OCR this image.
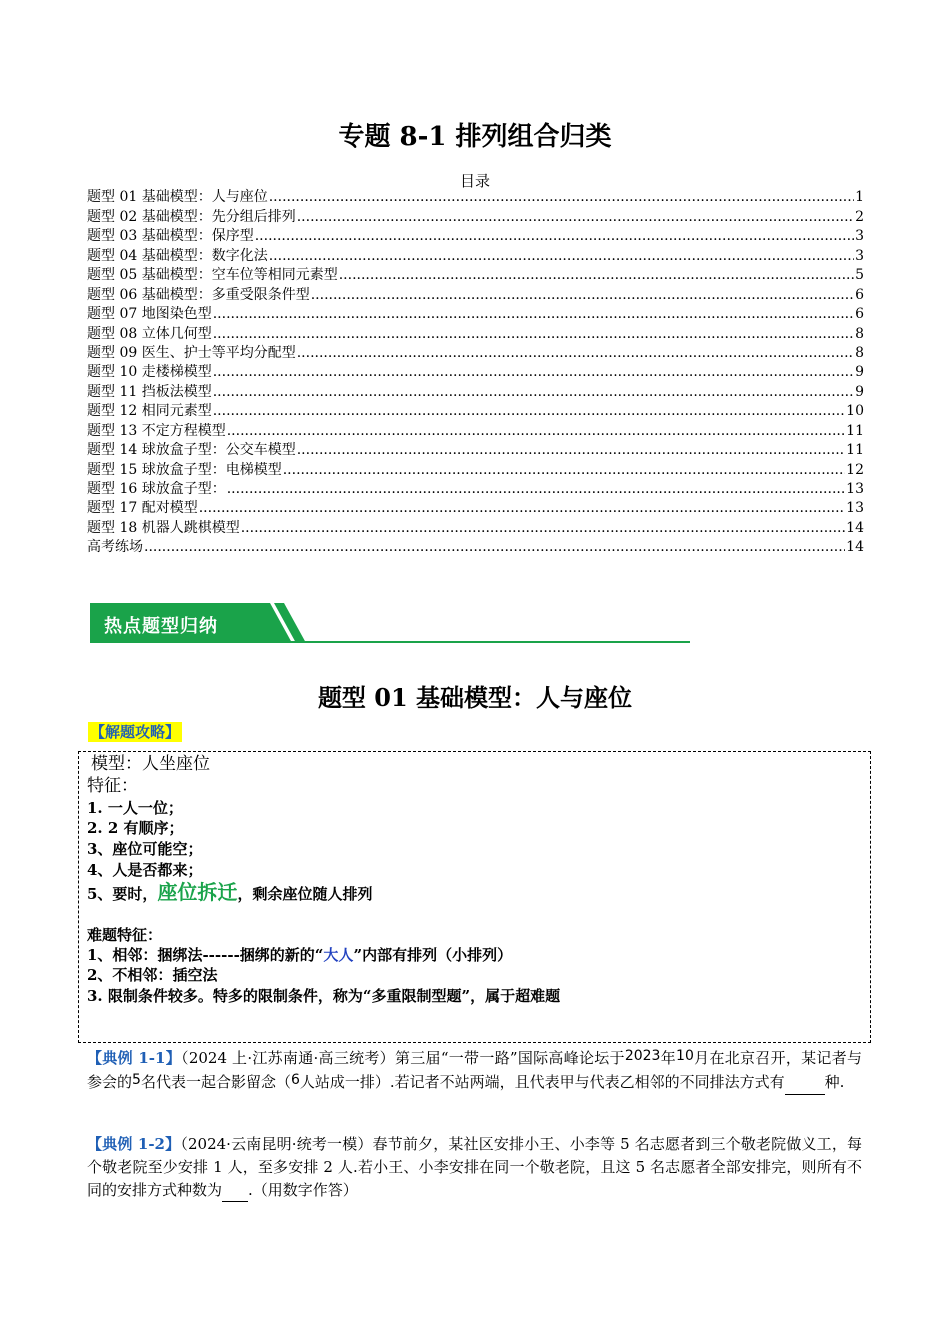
专题 8-1 排列组合归类
目录
题型 01 基础模型：人与座位 .....	1
题型 02 基础模型：先分组后排列 .....	2
题型 03 基础模型：保序型 .....	3
题型 04 基础模型：数字化法 .....	3
题型 05 基础模型：空车位等相同元素型 .....	5
题型 06 基础模型：多重受限条件型 .....	6
题型 07 地图染色型 .....	6
题型 08 立体几何型 .....	8
题型 09 医生、护士等平均分配型 .....	8
题型 10 走楼梯模型 .....	9
题型 11 挡板法模型 .....	9
题型 12 相同元素型 .....	10
题型 13 不定方程模型 .....	11
题型 14 球放盒子型：公交车模型 .....	11
题型 15 球放盒子型：电梯模型 .....	12
题型 16 球放盒子型： .....	13
题型 17 配对模型 .....	13
题型 18 机器人跳棋模型 .....	14
高考练场 .....	14
热点题型归纳
题型 01 基础模型：人与座位
【解题攻略】
模型：人坐座位
特征：
1. 一人一位；
2. 2 有顺序；
3、座位可能空；
4、人是否都来；
5、要时，座位拆迁，剩余座位随人排列
难题特征：
1、相邻：捆绑法------捆绑的新的“大人”内部有排列（小排列）
2、不相邻：插空法
3. 限制条件较多。特多的限制条件，称为“多重限制型题”，属于超难题
【典例 1-1】（2024 上·江苏南通·高三统考）第三届“一带一路”国际高峰论坛于2023年10月在北京召开，某记者与参会的5名代表一起合影留念（6人站成一排）.若记者不站两端，且代表甲与代表乙相邻的不同排法方式有	种.
【典例 1-2】（2024·云南昆明·统考一模）春节前夕，某社区安排小王、小李等 5 名志愿者到三个敬老院做义工，每个敬老院至少安排 1 人，至多安排 2 人.若小王、小李安排在同一个敬老院，且这 5 名志愿者全部安排完，则所有不同的安排方式种数为 .（用数字作答）
